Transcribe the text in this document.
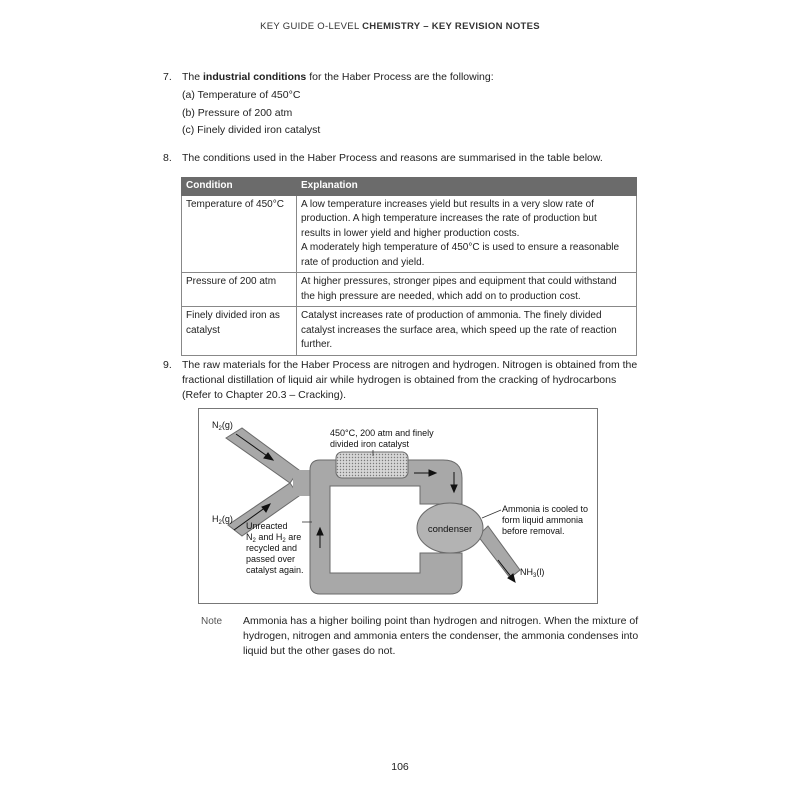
KEY GUIDE O-LEVEL CHEMISTRY – KEY REVISION NOTES
7. The industrial conditions for the Haber Process are the following:
(a) Temperature of 450°C
(b) Pressure of 200 atm
(c) Finely divided iron catalyst
8. The conditions used in the Haber Process and reasons are summarised in the table below.
Condition	Explanation

Temperature of 450°C	A low temperature increases yield but results in a very slow rate of
production. A high temperature increases the rate of production but
results in lower yield and higher production costs.
A moderately high temperature of 450°C is used to ensure a reasonable
rate of production and yield.

Pressure of 200 atm	At higher pressures, stronger pipes and equipment that could withstand
the high pressure are needed, which add on to production cost.

Finely divided iron as
catalyst	Catalyst increases rate of production of ammonia. The finely divided
catalyst increases the surface area, which speed up the rate of reaction
further.
9. The raw materials for the Haber Process are nitrogen and hydrogen. Nitrogen is obtained from the
fractional distillation of liquid air while hydrogen is obtained from the cracking of hydrocarbons
(Refer to Chapter 20.3 – Cracking).
condenser
$N_2(g)$
$H_2(g)$
$NH_3(l)$
450°C, 200 atm and finely divided iron catalyst
Ammonia is cooled to form liquid ammonia before removal.
Unreacted $N_2$ and $H_2$ are recycled and passed over catalyst again.
Note Ammonia has a higher boiling point than hydrogen and nitrogen. When the mixture of
hydrogen, nitrogen and ammonia enters the condenser, the ammonia condenses into
liquid but the other gases do not.
106
